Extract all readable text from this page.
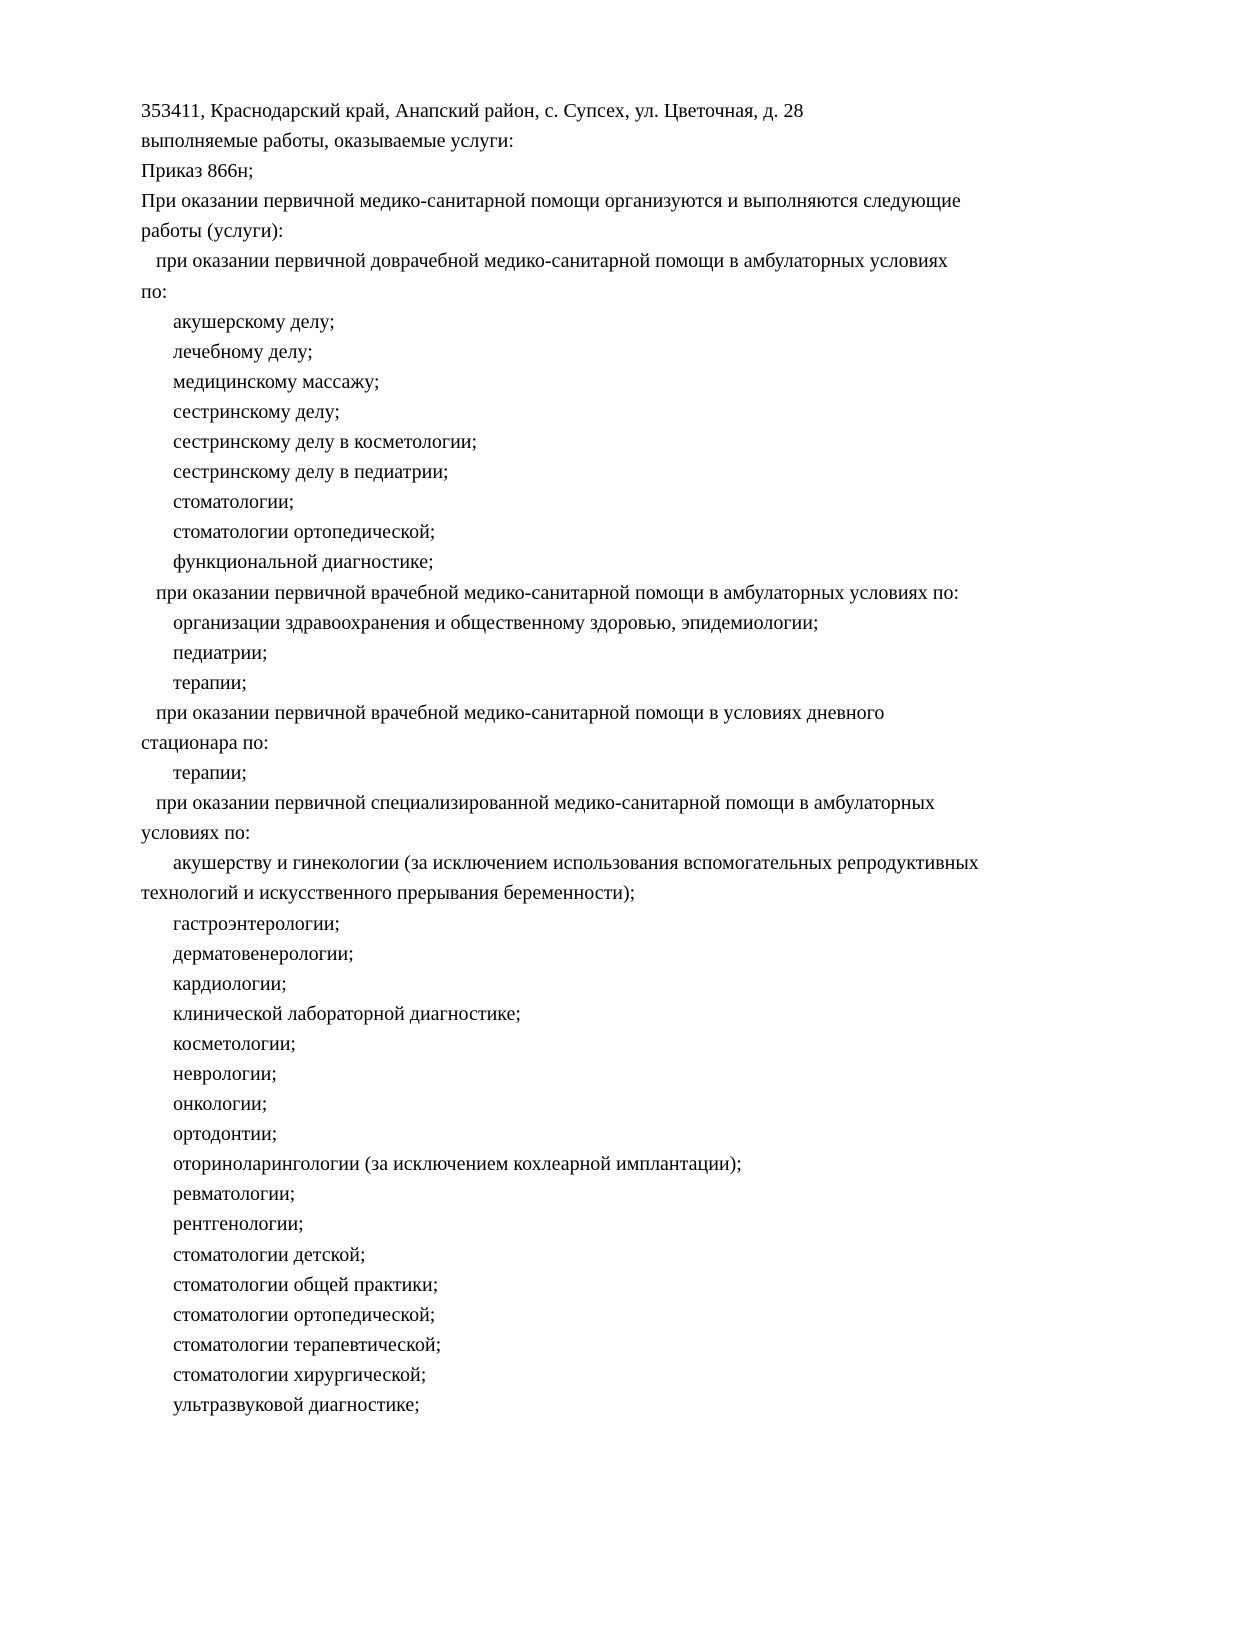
353411, Краснодарский край, Анапский район, с. Супсех, ул. Цветочная, д. 28
выполняемые работы, оказываемые услуги:
Приказ 866н;
При оказании первичной медико-санитарной помощи организуются и выполняются следующие
работы (услуги):
при оказании первичной доврачебной медико-санитарной помощи в амбулаторных условиях
по:
акушерскому делу;
лечебному делу;
медицинскому массажу;
сестринскому делу;
сестринскому делу в косметологии;
сестринскому делу в педиатрии;
стоматологии;
стоматологии ортопедической;
функциональной диагностике;
при оказании первичной врачебной медико-санитарной помощи в амбулаторных условиях по:
организации здравоохранения и общественному здоровью, эпидемиологии;
педиатрии;
терапии;
при оказании первичной врачебной медико-санитарной помощи в условиях дневного
стационара по:
терапии;
при оказании первичной специализированной медико-санитарной помощи в амбулаторных
условиях по:
акушерству и гинекологии (за исключением использования вспомогательных репродуктивных
технологий и искусственного прерывания беременности);
гастроэнтерологии;
дерматовенерологии;
кардиологии;
клинической лабораторной диагностике;
косметологии;
неврологии;
онкологии;
ортодонтии;
оториноларингологии (за исключением кохлеарной имплантации);
ревматологии;
рентгенологии;
стоматологии детской;
стоматологии общей практики;
стоматологии ортопедической;
стоматологии терапевтической;
стоматологии хирургической;
ультразвуковой диагностике;
